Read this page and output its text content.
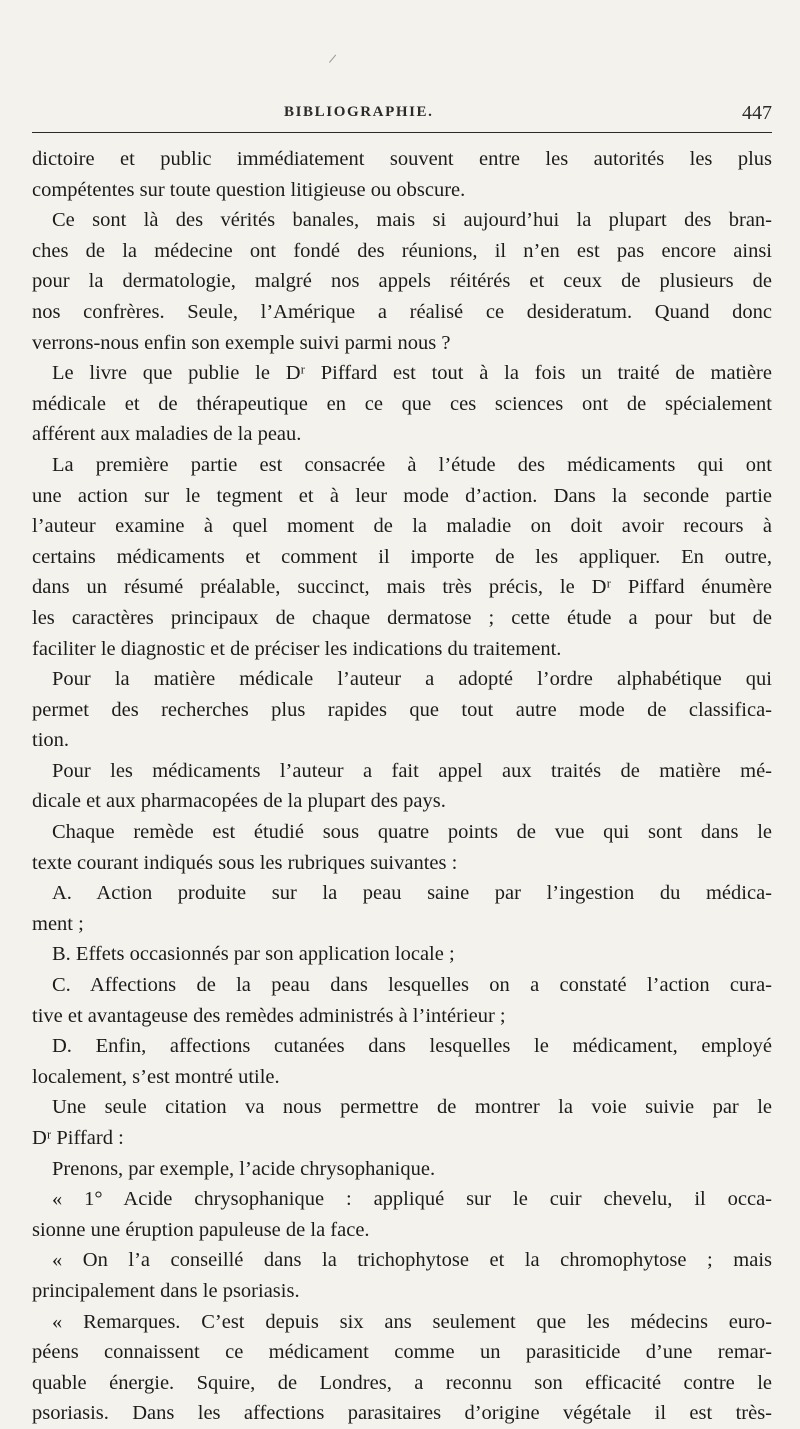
BIBLIOGRAPHIE.	447
dictoire et public immédiatement souvent entre les autorités les plus
compétentes sur toute question litigieuse ou obscure.
Ce sont là des vérités banales, mais si aujourd’hui la plupart des bran-
ches de la médecine ont fondé des réunions, il n’en est pas encore ainsi
pour la dermatologie, malgré nos appels réitérés et ceux de plusieurs de
nos confrères. Seule, l’Amérique a réalisé ce desideratum. Quand donc
verrons-nous enfin son exemple suivi parmi nous ?
Le livre que publie le Dʳ Piffard est tout à la fois un traité de matière
médicale et de thérapeutique en ce que ces sciences ont de spécialement
afférent aux maladies de la peau.
La première partie est consacrée à l’étude des médicaments qui ont
une action sur le tegment et à leur mode d’action. Dans la seconde partie
l’auteur examine à quel moment de la maladie on doit avoir recours à
certains médicaments et comment il importe de les appliquer. En outre,
dans un résumé préalable, succinct, mais très précis, le Dʳ Piffard énumère
les caractères principaux de chaque dermatose ; cette étude a pour but de
faciliter le diagnostic et de préciser les indications du traitement.
Pour la matière médicale l’auteur a adopté l’ordre alphabétique qui
permet des recherches plus rapides que tout autre mode de classifica-
tion.
Pour les médicaments l’auteur a fait appel aux traités de matière mé-
dicale et aux pharmacopées de la plupart des pays.
Chaque remède est étudié sous quatre points de vue qui sont dans le
texte courant indiqués sous les rubriques suivantes :
A. Action produite sur la peau saine par l’ingestion du médica-
ment ;
B. Effets occasionnés par son application locale ;
C. Affections de la peau dans lesquelles on a constaté l’action cura-
tive et avantageuse des remèdes administrés à l’intérieur ;
D. Enfin, affections cutanées dans lesquelles le médicament, employé
localement, s’est montré utile.
Une seule citation va nous permettre de montrer la voie suivie par le
Dʳ Piffard :
Prenons, par exemple, l’acide chrysophanique.
« 1° Acide chrysophanique : appliqué sur le cuir chevelu, il occa-
sionne une éruption papuleuse de la face.
« On l’a conseillé dans la trichophytose et la chromophytose ; mais
principalement dans le psoriasis.
« Remarques. C’est depuis six ans seulement que les médecins euro-
péens connaissent ce médicament comme un parasiticide d’une remar-
quable énergie. Squire, de Londres, a reconnu son efficacité contre le
psoriasis. Dans les affections parasitaires d’origine végétale il est très-
